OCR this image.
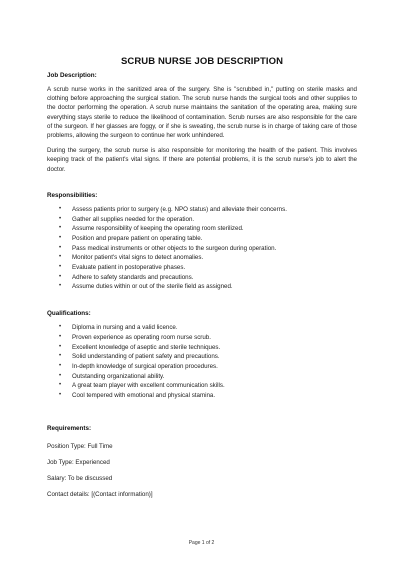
SCRUB NURSE JOB DESCRIPTION

Job Description:

A scrub nurse works in the sanitized area of the surgery. She is "scrubbed in," putting on sterile masks and clothing before approaching the surgical station. The scrub nurse hands the surgical tools and other supplies to the doctor performing the operation. A scrub nurse maintains the sanitation of the operating area, making sure everything stays sterile to reduce the likelihood of contamination. Scrub nurses are also responsible for the care of the surgeon. If her glasses are foggy, or if she is sweating, the scrub nurse is in charge of taking care of those problems, allowing the surgeon to continue her work unhindered.

During the surgery, the scrub nurse is also responsible for monitoring the health of the patient. This involves keeping track of the patient's vital signs. If there are potential problems, it is the scrub nurse's job to alert the doctor.

Responsibilities:

• Assess patients prior to surgery (e.g. NPO status) and alleviate their concerns.
• Gather all supplies needed for the operation.
• Assume responsibility of keeping the operating room sterilized.
• Position and prepare patient on operating table.
• Pass medical instruments or other objects to the surgeon during operation.
• Monitor patient's vital signs to detect anomalies.
• Evaluate patient in postoperative phases.
• Adhere to safety standards and precautions.
• Assume duties within or out of the sterile field as assigned.

Qualifications:

• Diploma in nursing and a valid licence.
• Proven experience as operating room nurse scrub.
• Excellent knowledge of aseptic and sterile techniques.
• Solid understanding of patient safety and precautions.
• In-depth knowledge of surgical operation procedures.
• Outstanding organizational ability.
• A great team player with excellent communication skills.
• Cool tempered with emotional and physical stamina.

Requirements:

Position Type: Full Time

Job Type: Experienced

Salary: To be discussed

Contact details: [(Contact information)]

Page 1 of 2
